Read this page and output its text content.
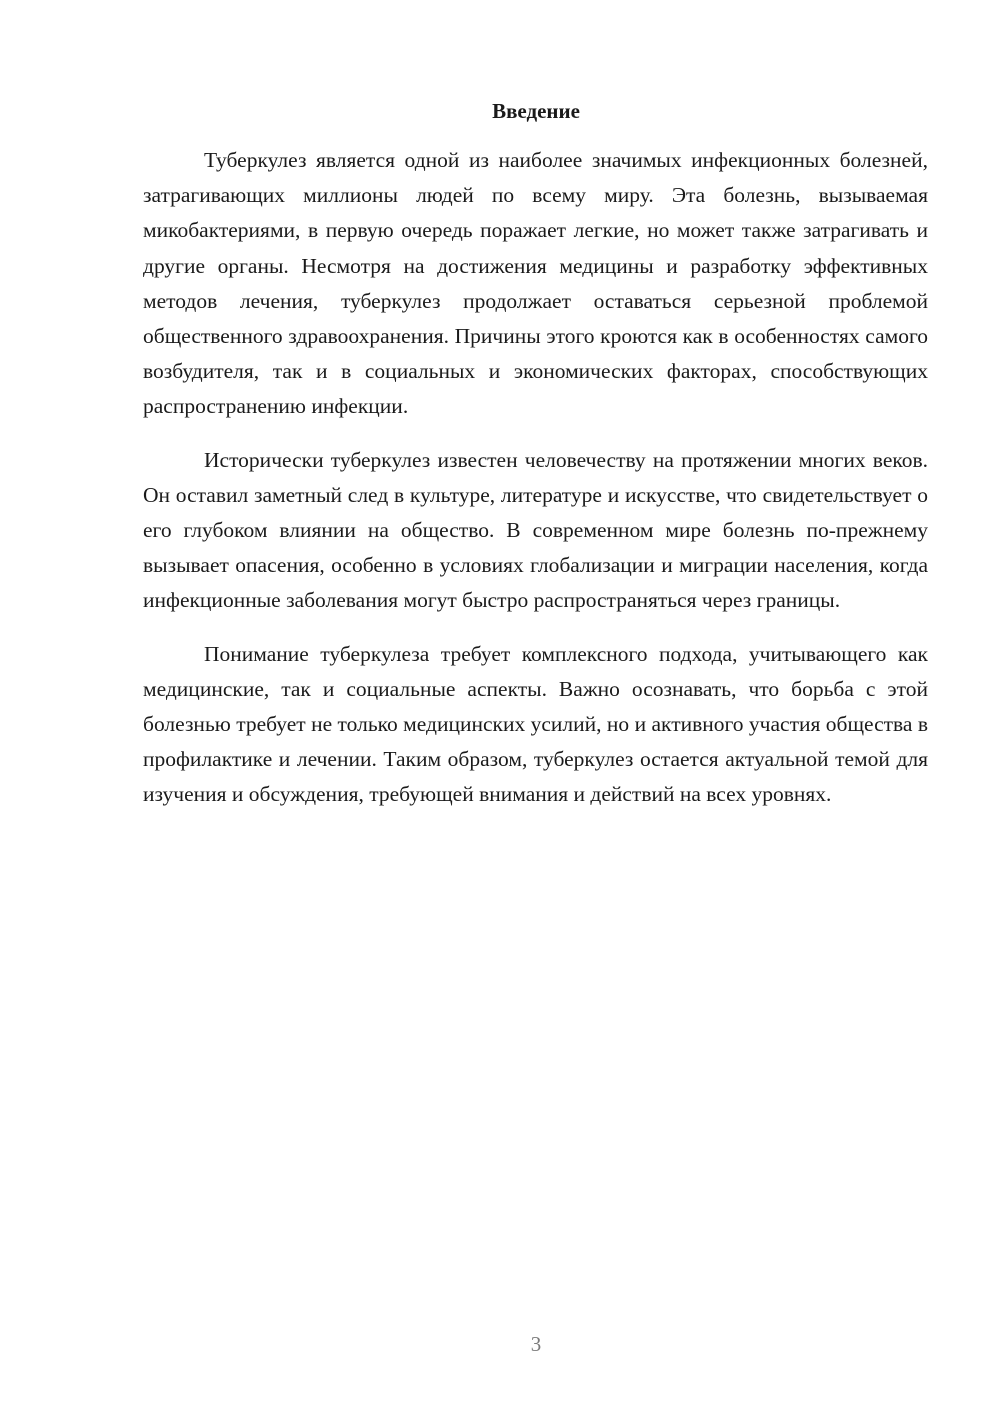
Введение

Туберкулез является одной из наиболее значимых инфекционных болезней, затрагивающих миллионы людей по всему миру. Эта болезнь, вызываемая микобактериями, в первую очередь поражает легкие, но может также затрагивать и другие органы. Несмотря на достижения медицины и разработку эффективных методов лечения, туберкулез продолжает оставаться серьезной проблемой общественного здравоохранения. Причины этого кроются как в особенностях самого возбудителя, так и в социальных и экономических факторах, способствующих распространению инфекции.

Исторически туберкулез известен человечеству на протяжении многих веков. Он оставил заметный след в культуре, литературе и искусстве, что свидетельствует о его глубоком влиянии на общество. В современном мире болезнь по-прежнему вызывает опасения, особенно в условиях глобализации и миграции населения, когда инфекционные заболевания могут быстро распространяться через границы.

Понимание туберкулеза требует комплексного подхода, учитывающего как медицинские, так и социальные аспекты. Важно осознавать, что борьба с этой болезнью требует не только медицинских усилий, но и активного участия общества в профилактике и лечении. Таким образом, туберкулез остается актуальной темой для изучения и обсуждения, требующей внимания и действий на всех уровнях.

3
